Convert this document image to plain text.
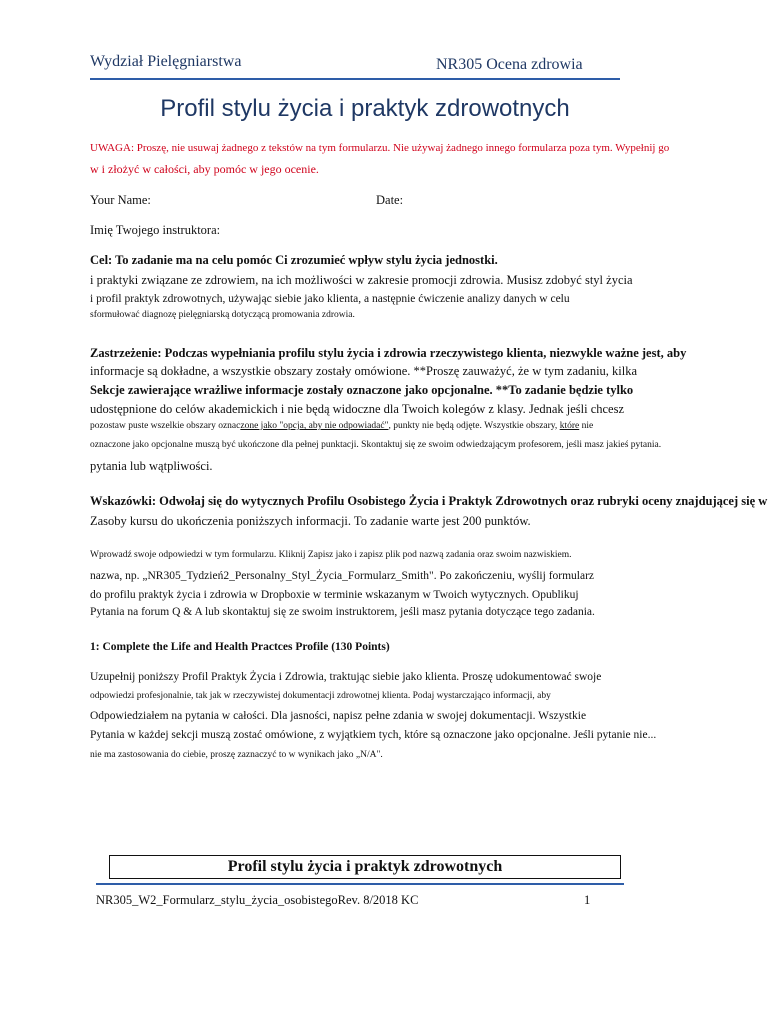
Wydział Pielęgniarstwa	NR305 Ocena zdrowia
Profil stylu życia i praktyk zdrowotnych
UWAGA: Proszę, nie usuwaj żadnego z tekstów na tym formularzu. Nie używaj żadnego innego formularza poza tym. Wypełnij go
w i złożyć w całości, aby pomóc w jego ocenie.
Your Name:	Date:
Imię Twojego instruktora:
Cel: To zadanie ma na celu pomóc Ci zrozumieć wpływ stylu życia jednostki.
i praktyki związane ze zdrowiem, na ich możliwości w zakresie promocji zdrowia. Musisz zdobyć styl życia
i profil praktyk zdrowotnych, używając siebie jako klienta, a następnie ćwiczenie analizy danych w celu
sformułować diagnozę pielęgniarską dotyczącą promowania zdrowia.
Zastrzeżenie: Podczas wypełniania profilu stylu życia i zdrowia rzeczywistego klienta, niezwykle ważne jest, aby
informacje są dokładne, a wszystkie obszary zostały omówione. **Proszę zauważyć, że w tym zadaniu, kilka
Sekcje zawierające wrażliwe informacje zostały oznaczone jako opcjonalne. **To zadanie będzie tylko
udostępnione do celów akademickich i nie będą widoczne dla Twoich kolegów z klasy. Jednak jeśli chcesz
pozostaw puste wszelkie obszary oznaczone jako "opcja, aby nie odpowiadać", punkty nie będą odjęte. Wszystkie obszary, które nie
oznaczone jako opcjonalne muszą być ukończone dla pełnej punktacji. Skontaktuj się ze swoim odwiedzającym profesorem, jeśli masz jakieś pytania.
pytania lub wątpliwości.
Wskazówki: Odwołaj się do wytycznych Profilu Osobistego Życia i Praktyk Zdrowotnych oraz rubryki oceny znajdującej się w
Zasoby kursu do ukończenia poniższych informacji. To zadanie warte jest 200 punktów.
Wprowadź swoje odpowiedzi w tym formularzu. Kliknij Zapisz jako i zapisz plik pod nazwą zadania oraz swoim nazwiskiem.
nazwa, np. „NR305_Tydzień2_Personalny_Styl_Życia_Formularz_Smith". Po zakończeniu, wyślij formularz
do profilu praktyk życia i zdrowia w Dropboxie w terminie wskazanym w Twoich wytycznych. Opublikuj
Pytania na forum Q & A lub skontaktuj się ze swoim instruktorem, jeśli masz pytania dotyczące tego zadania.
1: Complete the Life and Health Practces Profile (130 Points)
Uzupełnij poniższy Profil Praktyk Życia i Zdrowia, traktując siebie jako klienta. Proszę udokumentować swoje
odpowiedzi profesjonalnie, tak jak w rzeczywistej dokumentacji zdrowotnej klienta. Podaj wystarczająco informacji, aby
Odpowiedziałem na pytania w całości. Dla jasności, napisz pełne zdania w swojej dokumentacji. Wszystkie
Pytania w każdej sekcji muszą zostać omówione, z wyjątkiem tych, które są oznaczone jako opcjonalne. Jeśli pytanie nie...
nie ma zastosowania do ciebie, proszę zaznaczyć to w wynikach jako „N/A".
Profil stylu życia i praktyk zdrowotnych
NR305_W2_Formularz_stylu_życia_osobistegoRev. 8/2018 KC	1
